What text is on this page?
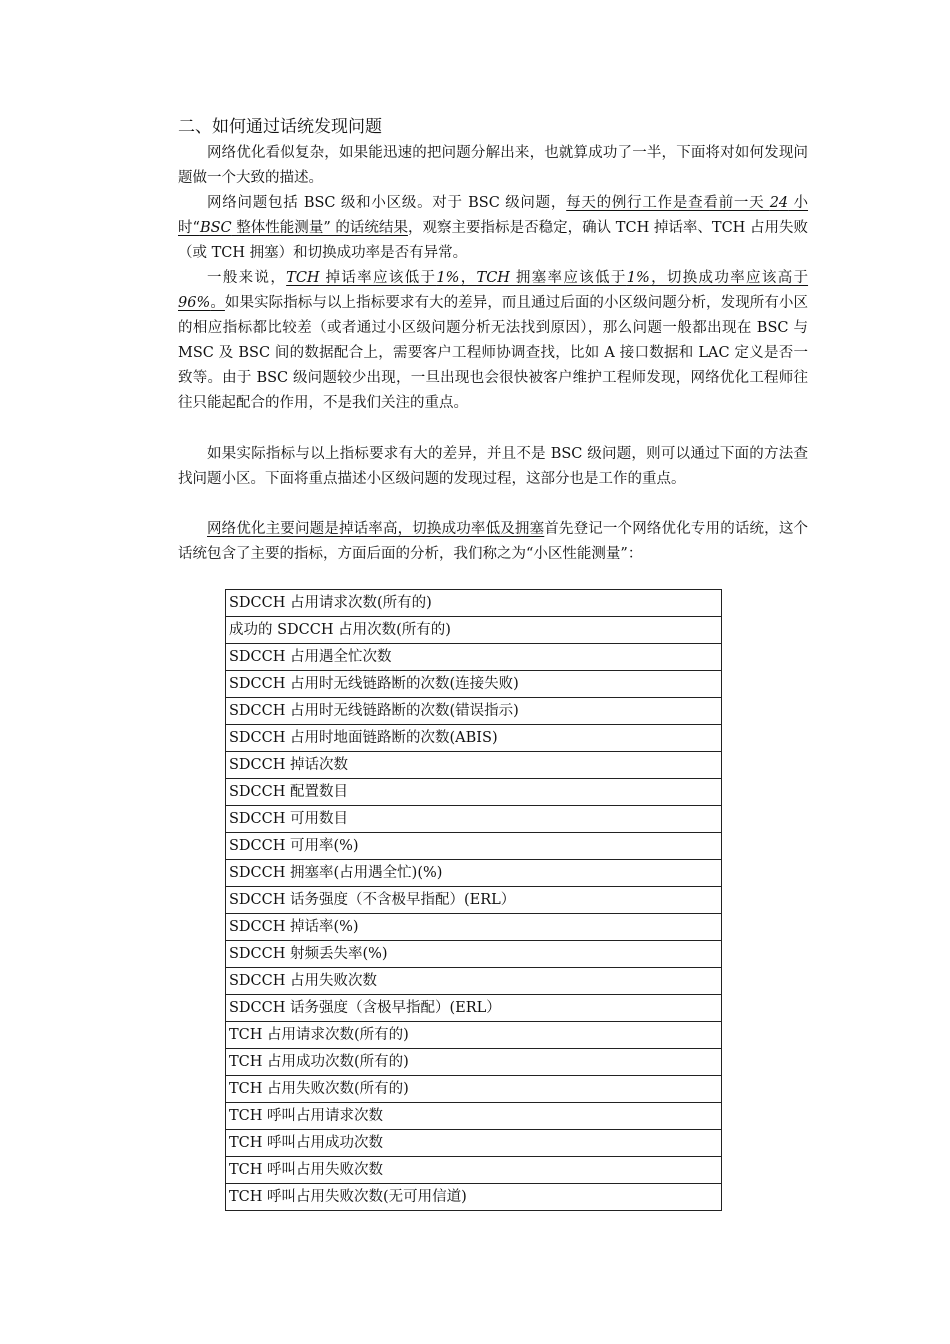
二、如何通过话统发现问题

网络优化看似复杂，如果能迅速的把问题分解出来，也就算成功了一半，下面将对如何发现问题做一个大致的描述。

网络问题包括 BSC 级和小区级。对于 BSC 级问题，每天的例行工作是查看前一天 24 小时“BSC 整体性能测量” 的话统结果，观察主要指标是否稳定，确认 TCH 掉话率、TCH 占用失败（或 TCH 拥塞）和切换成功率是否有异常。

一般来说，TCH 掉话率应该低于1%，TCH 拥塞率应该低于1%，切换成功率应该高于 96%。如果实际指标与以上指标要求有大的差异，而且通过后面的小区级问题分析，发现所有小区的相应指标都比较差（或者通过小区级问题分析无法找到原因），那么问题一般都出现在 BSC 与 MSC 及 BSC 间的数据配合上，需要客户工程师协调查找，比如 A 接口数据和 LAC 定义是否一致等。由于 BSC 级问题较少出现，一旦出现也会很快被客户维护工程师发现，网络优化工程师往往只能起配合的作用，不是我们关注的重点。

如果实际指标与以上指标要求有大的差异，并且不是 BSC 级问题，则可以通过下面的方法查找问题小区。下面将重点描述小区级问题的发现过程，这部分也是工作的重点。

网络优化主要问题是掉话率高，切换成功率低及拥塞首先登记一个网络优化专用的话统，这个话统包含了主要的指标，方面后面的分析，我们称之为“小区性能测量”：

SDCCH 占用请求次数(所有的)
成功的 SDCCH 占用次数(所有的)
SDCCH 占用遇全忙次数
SDCCH 占用时无线链路断的次数(连接失败)
SDCCH 占用时无线链路断的次数(错误指示)
SDCCH 占用时地面链路断的次数(ABIS)
SDCCH 掉话次数
SDCCH 配置数目
SDCCH 可用数目
SDCCH 可用率(%)
SDCCH 拥塞率(占用遇全忙)(%)
SDCCH 话务强度（不含极早指配）(ERL）
SDCCH 掉话率(%)
SDCCH 射频丢失率(%)
SDCCH 占用失败次数
SDCCH 话务强度（含极早指配）(ERL）
TCH 占用请求次数(所有的)
TCH 占用成功次数(所有的)
TCH 占用失败次数(所有的)
TCH 呼叫占用请求次数
TCH 呼叫占用成功次数
TCH 呼叫占用失败次数
TCH 呼叫占用失败次数(无可用信道)
